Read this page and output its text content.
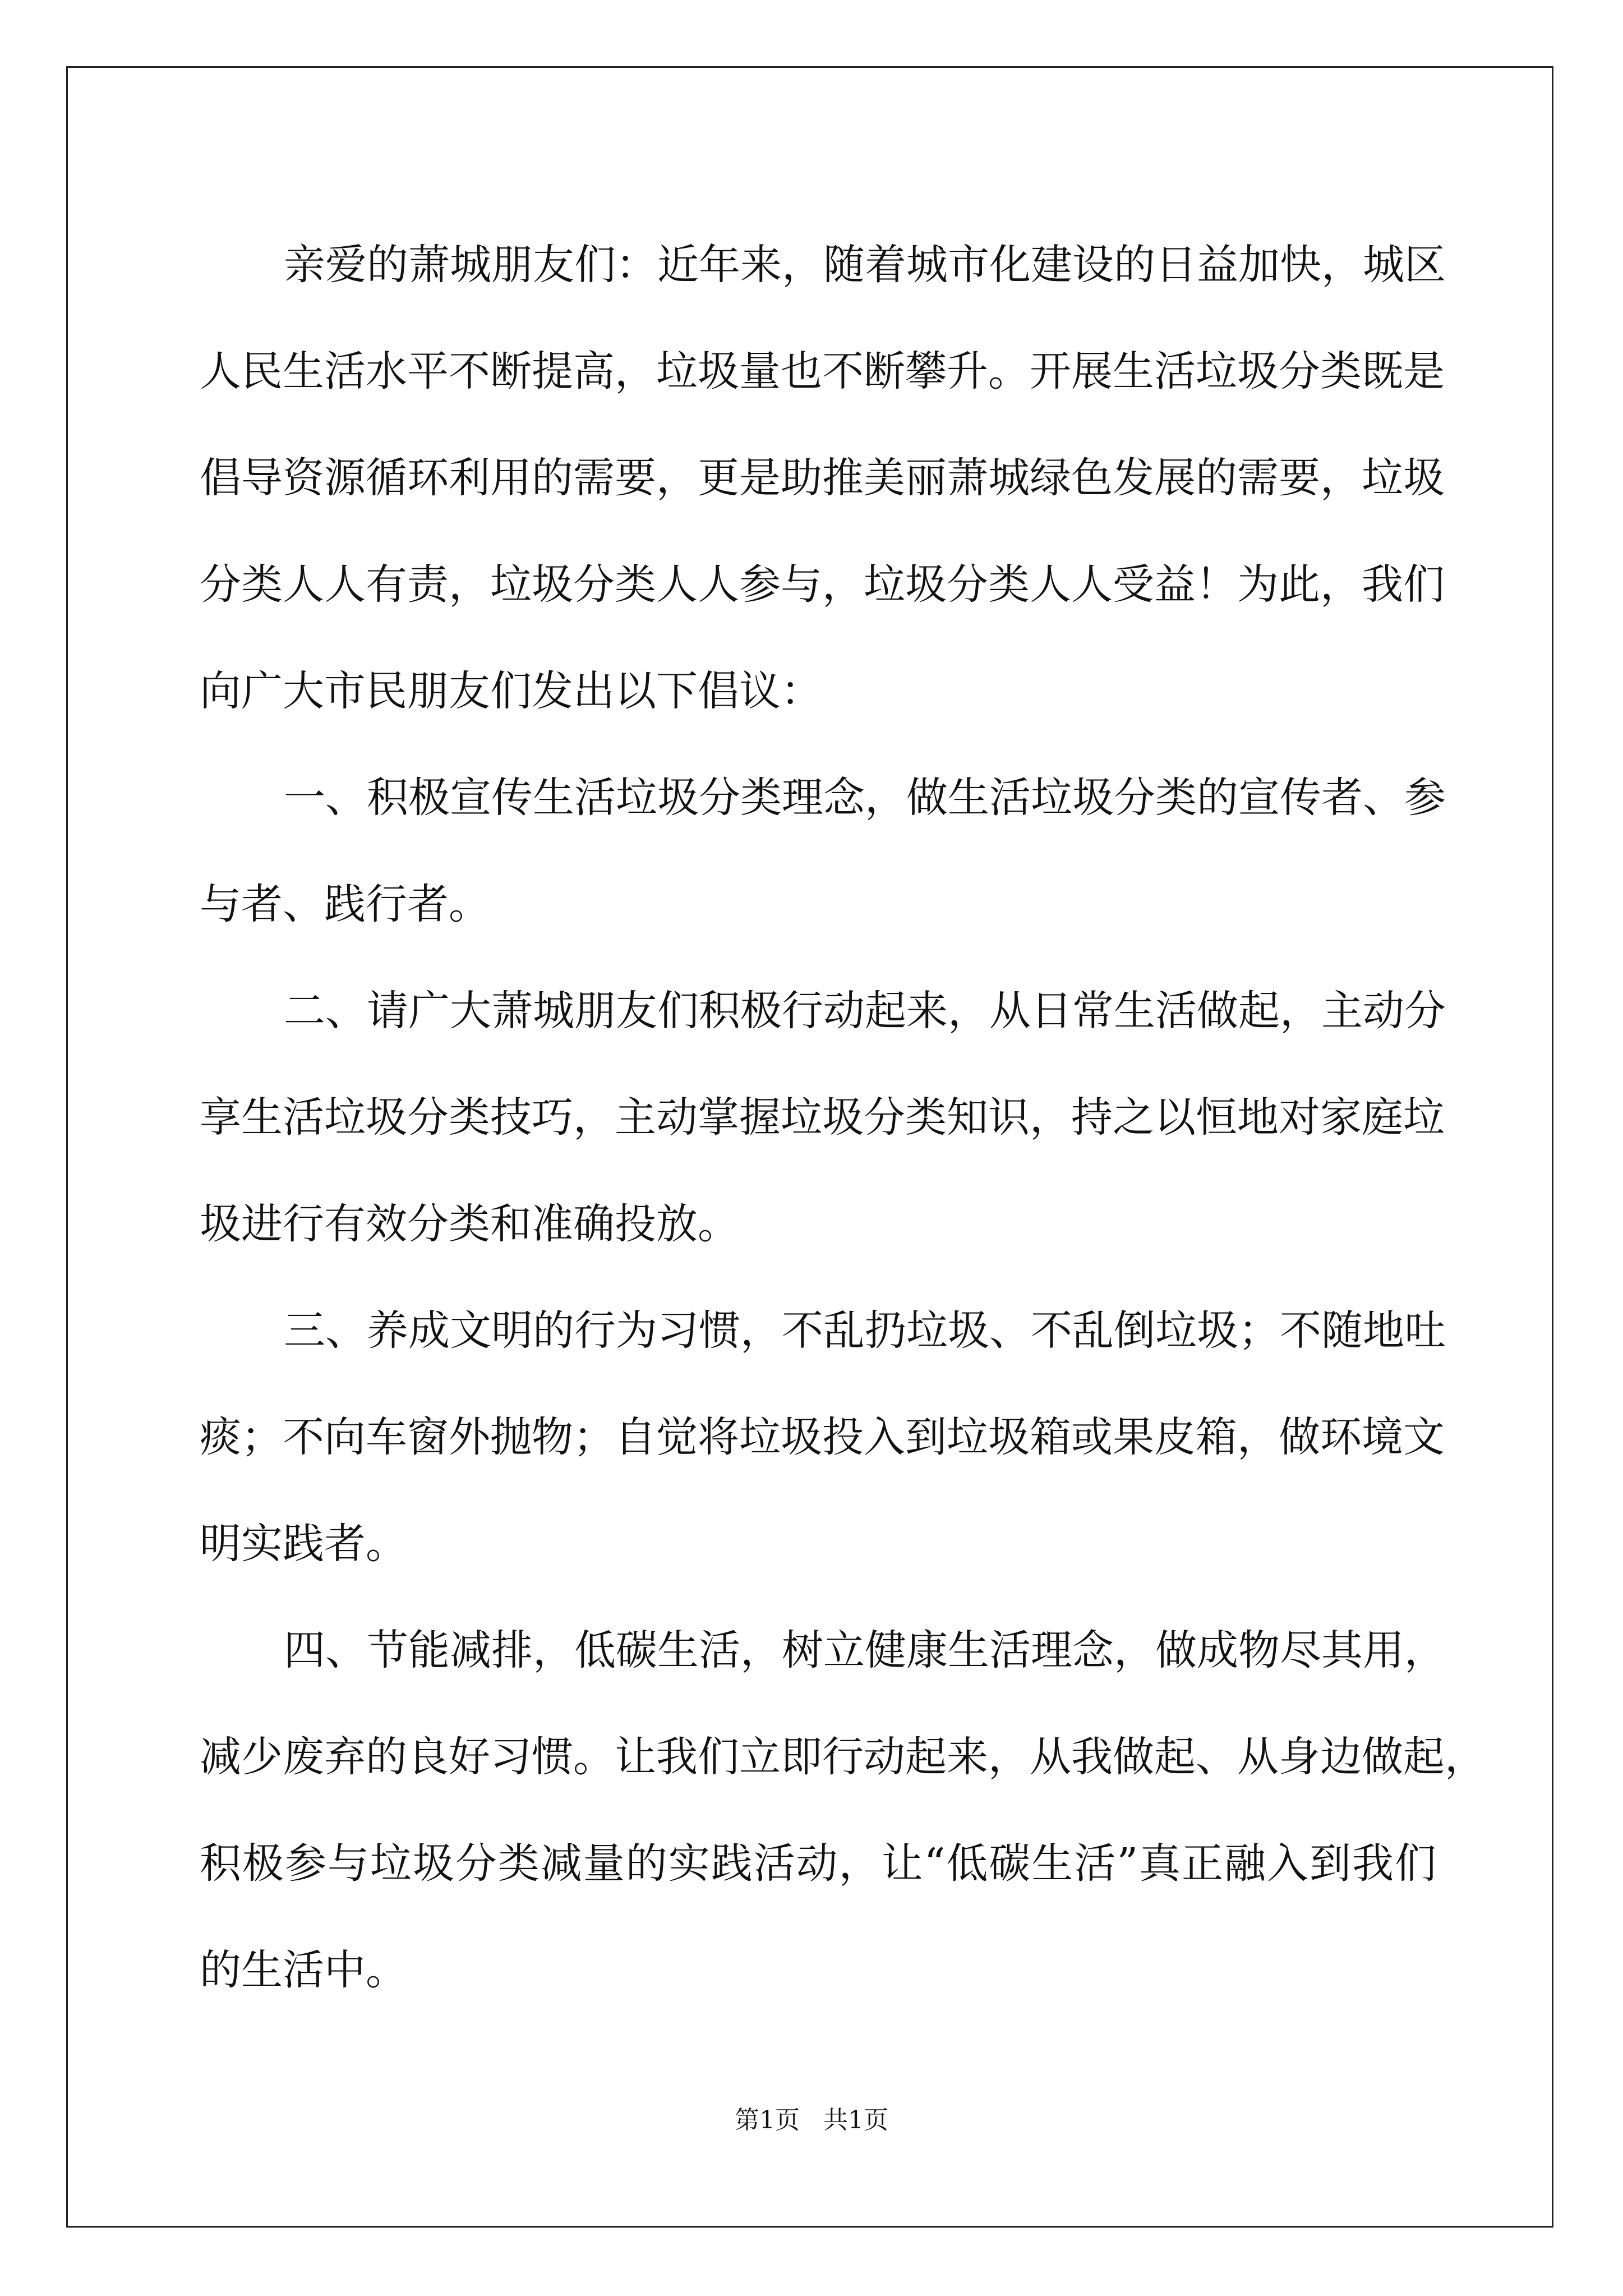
亲爱的萧城朋友们：近年来，随着城市化建设的日益加快，城区
人民生活水平不断提高，垃圾量也不断攀升。开展生活垃圾分类既是
倡导资源循环利用的需要，更是助推美丽萧城绿色发展的需要，垃圾
分类人人有责，垃圾分类人人参与，垃圾分类人人受益！为此，我们
向广大市民朋友们发出以下倡议：
一、积极宣传生活垃圾分类理念，做生活垃圾分类的宣传者、参
与者、践行者。
二、请广大萧城朋友们积极行动起来，从日常生活做起，主动分
享生活垃圾分类技巧，主动掌握垃圾分类知识，持之以恒地对家庭垃
圾进行有效分类和准确投放。
三、养成文明的行为习惯，不乱扔垃圾、不乱倒垃圾；不随地吐
痰；不向车窗外抛物；自觉将垃圾投入到垃圾箱或果皮箱，做环境文
明实践者。
四、节能减排，低碳生活，树立健康生活理念，做成物尽其用，
减少废弃的良好习惯。让我们立即行动起来，从我做起、从身边做起，
积极参与垃圾分类减量的实践活动，让“低碳生活”真正融入到我们
的生活中。
第1页   共1页
